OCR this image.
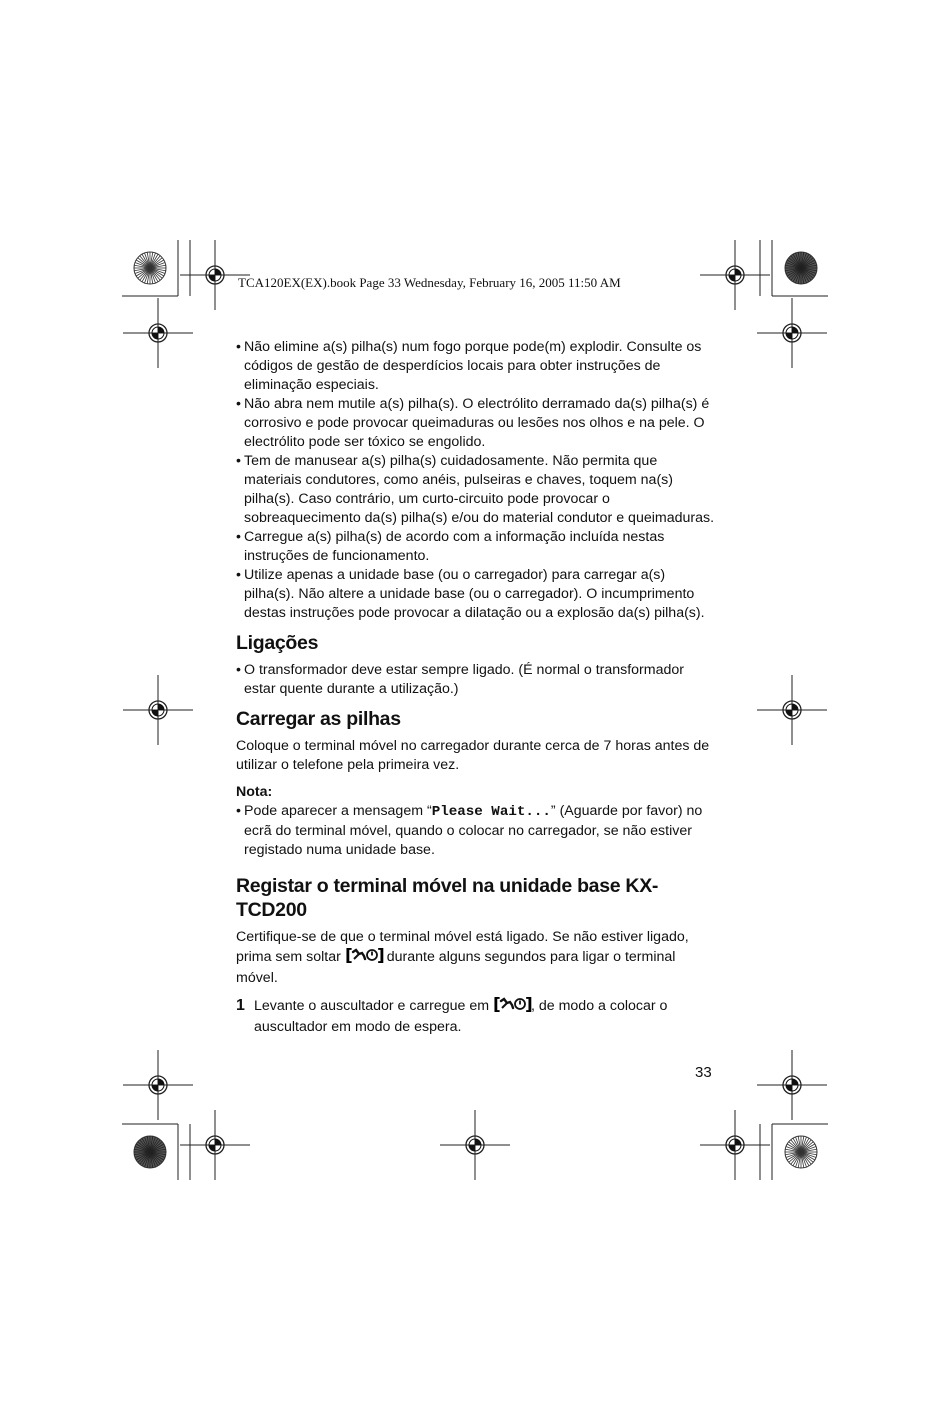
TCA120EX(EX).book Page 33 Wednesday, February 16, 2005 11:50 AM
• Não elimine a(s) pilha(s) num fogo porque pode(m) explodir. Consulte os códigos de gestão de desperdícios locais para obter instruções de eliminação especiais.
• Não abra nem mutile a(s) pilha(s). O electrólito derramado da(s) pilha(s) é corrosivo e pode provocar queimaduras ou lesões nos olhos e na pele. O electrólito pode ser tóxico se engolido.
• Tem de manusear a(s) pilha(s) cuidadosamente. Não permita que materiais condutores, como anéis, pulseiras e chaves, toquem na(s) pilha(s). Caso contrário, um curto-circuito pode provocar o sobreaquecimento da(s) pilha(s) e/ou do material condutor e queimaduras.
• Carregue a(s) pilha(s) de acordo com a informação incluída nestas instruções de funcionamento.
• Utilize apenas a unidade base (ou o carregador) para carregar a(s) pilha(s). Não altere a unidade base (ou o carregador). O incumprimento destas instruções pode provocar a dilatação ou a explosão da(s) pilha(s).
Ligações
• O transformador deve estar sempre ligado. (É normal o transformador estar quente durante a utilização.)
Carregar as pilhas

Coloque o terminal móvel no carregador durante cerca de 7 horas antes de utilizar o telefone pela primeira vez.

Nota:

• Pode aparecer a mensagem “Please Wait...” (Aguarde por favor) no ecrã do terminal móvel, quando o colocar no carregador, se não estiver registado numa unidade base.
Registar o terminal móvel na unidade base KX-TCD200

Certifique-se de que o terminal móvel está ligado. Se não estiver ligado, prima sem soltar [ ]
durante alguns segundos para ligar o terminal móvel.

1 Levante o auscultador e carregue em [ ]
, de modo a colocar o auscultador em modo de espera.
33
